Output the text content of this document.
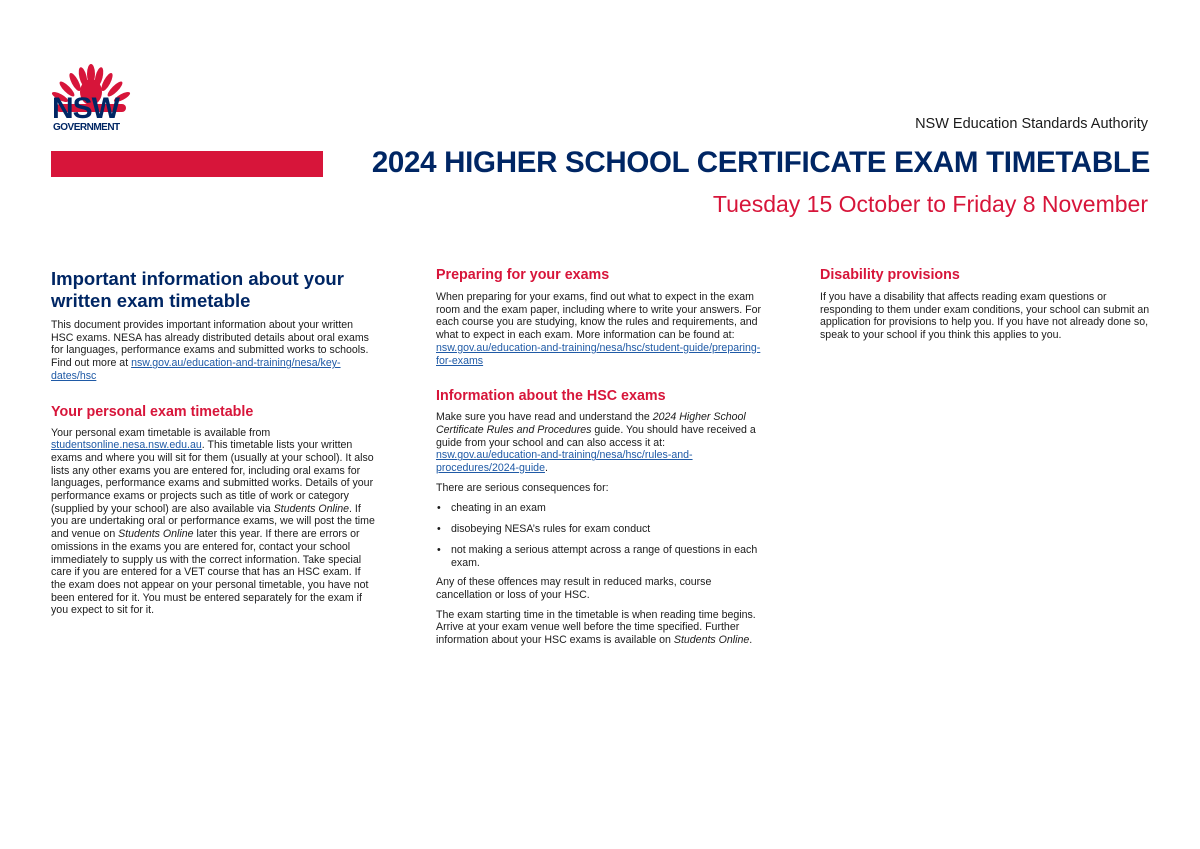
NSW
GOVERNMENT	NSW Education Standards Authority
2024 HIGHER SCHOOL CERTIFICATE EXAM TIMETABLE
Tuesday 15 October to Friday 8 November
Important information about your written exam timetable

This document provides important information about your written HSC exams. NESA has already distributed details about oral exams for languages, performance exams and submitted works to schools. Find out more at nsw.gov.au/education-and-training/nesa/key-dates/hsc

Your personal exam timetable

Your personal exam timetable is available from studentsonline.nesa.nsw.edu.au. This timetable lists your written exams and where you will sit for them (usually at your school). It also lists any other exams you are entered for, including oral exams for languages, performance exams and submitted works. Details of your performance exams or projects such as title of work or category (supplied by your school) are also available via Students Online. If you are undertaking oral or performance exams, we will post the time and venue on Students Online later this year. If there are errors or omissions in the exams you are entered for, contact your school immediately to supply us with the correct information. Take special care if you are entered for a VET course that has an HSC exam. If the exam does not appear on your personal timetable, you have not been entered for it. You must be entered separately for the exam if you expect to sit for it.

Preparing for your exams

When preparing for your exams, find out what to expect in the exam room and the exam paper, including where to write your answers. For each course you are studying, know the rules and requirements, and what to expect in each exam. More information can be found at: nsw.gov.au/education-and-training/nesa/hsc/student-guide/preparing-for-exams

Information about the HSC exams

Make sure you have read and understand the 2024 Higher School Certificate Rules and Procedures guide. You should have received a guide from your school and can also access it at: nsw.gov.au/education-and-training/nesa/hsc/rules-and-procedures/2024-guide.

There are serious consequences for:

• cheating in an exam
• disobeying NESA’s rules for exam conduct
• not making a serious attempt across a range of questions in each exam.

Any of these offences may result in reduced marks, course cancellation or loss of your HSC.

The exam starting time in the timetable is when reading time begins. Arrive at your exam venue well before the time specified. Further information about your HSC exams is available on Students Online.

Disability provisions

If you have a disability that affects reading exam questions or responding to them under exam conditions, your school can submit an application for provisions to help you. If you have not already done so, speak to your school if you think this applies to you.
